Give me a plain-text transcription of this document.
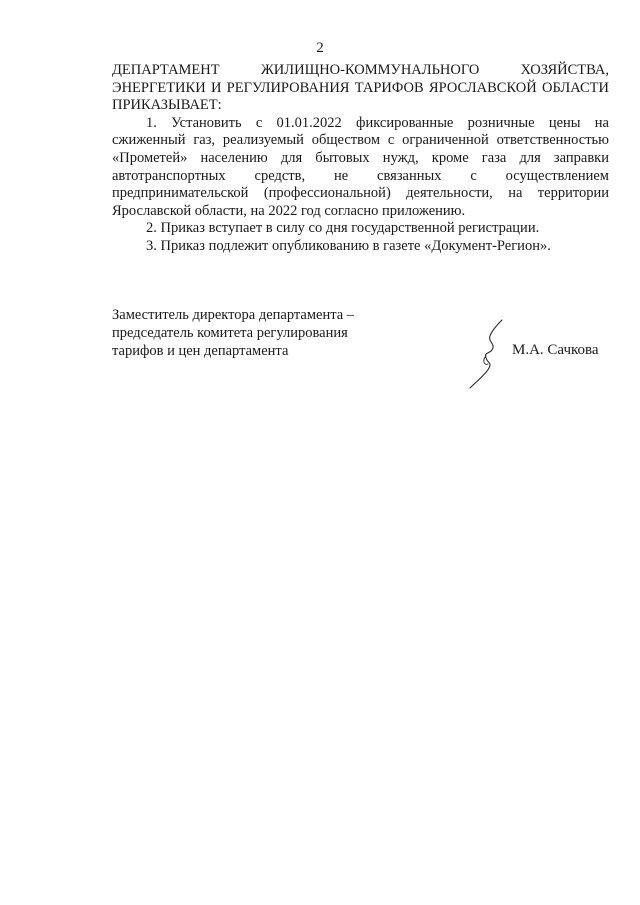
2

ДЕПАРТАМЕНТ ЖИЛИЩНО-КОММУНАЛЬНОГО ХОЗЯЙСТВА, ЭНЕРГЕТИКИ И РЕГУЛИРОВАНИЯ ТАРИФОВ ЯРОСЛАВСКОЙ ОБЛАСТИ ПРИКАЗЫВАЕТ:

1. Установить с 01.01.2022 фиксированные розничные цены на сжиженный газ, реализуемый обществом с ограниченной ответственностью «Прометей» населению для бытовых нужд, кроме газа для заправки автотранспортных средств, не связанных с осуществлением предпринимательской (профессиональной) деятельности, на территории Ярославской области, на 2022 год согласно приложению.

2. Приказ вступает в силу со дня государственной регистрации.

3. Приказ подлежит опубликованию в газете «Документ-Регион».

Заместитель директора департамента –
председатель комитета регулирования
тарифов и цен департамента	М.А. Сачкова
